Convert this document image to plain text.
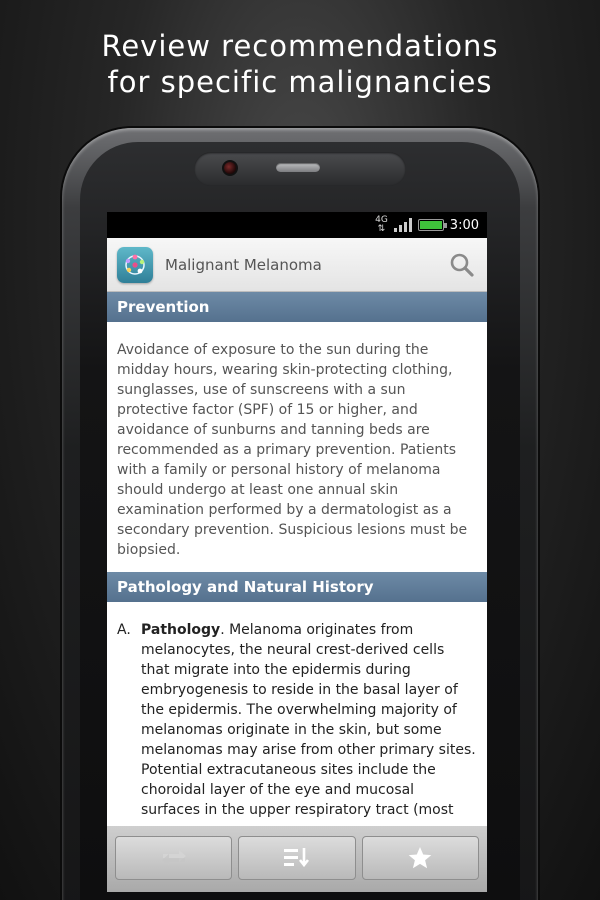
Review recommendations
for specific malignancies
4G
⇅	3:00
Malignant Melanoma
Prevention
Avoidance of exposure to the sun during the midday hours, wearing skin-protecting clothing, sunglasses, use of sunscreens with a sun protective factor (SPF) of 15 or higher, and avoidance of sunburns and tanning beds are recommended as a primary prevention. Patients with a family or personal history of melanoma should undergo at least one annual skin examination performed by a dermatologist as a secondary prevention. Suspicious lesions must be biopsied.
Pathology and Natural History
A. Pathology. Melanoma originates from melanocytes, the neural crest-derived cells that migrate into the epidermis during embryogenesis to reside in the basal layer of the epidermis. The overwhelming majority of melanomas originate in the skin, but some melanomas may arise from other primary sites. Potential extracutaneous sites include the choroidal layer of the eye and mucosal surfaces in the upper respiratory tract (most
